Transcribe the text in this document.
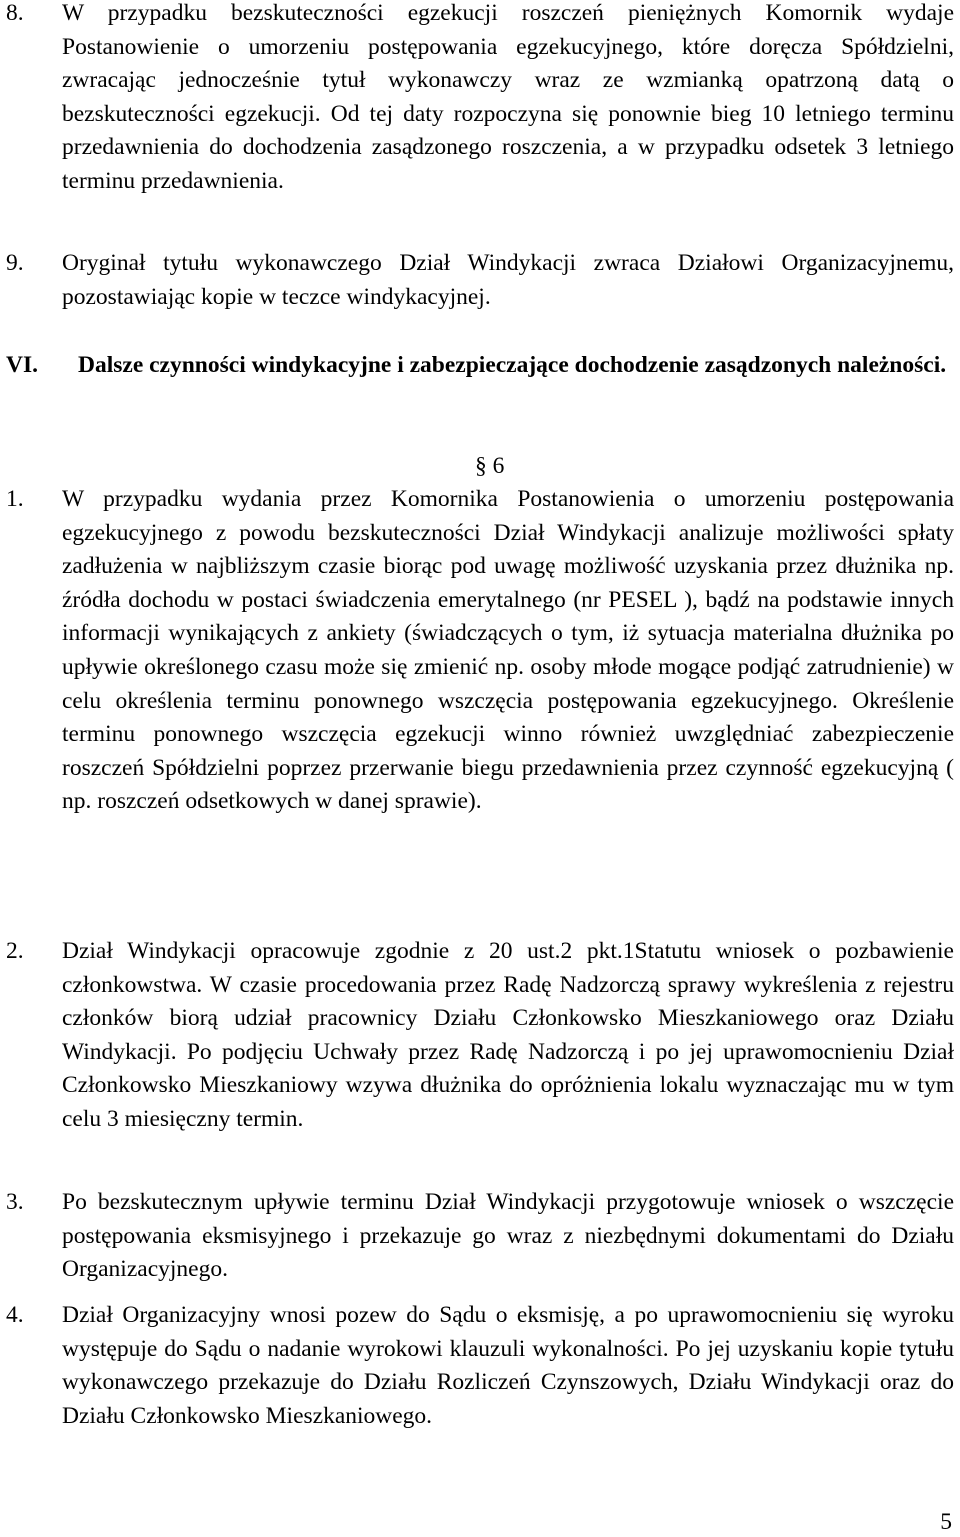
8. W przypadku bezskuteczności egzekucji roszczeń pieniężnych Komornik wydaje Postanowienie o umorzeniu postępowania egzekucyjnego, które doręcza Spółdzielni, zwracając jednocześnie tytuł wykonawczy wraz ze wzmianką opatrzoną datą o bezskuteczności egzekucji. Od tej daty rozpoczyna się ponownie bieg 10 letniego terminu przedawnienia do dochodzenia zasądzonego roszczenia, a w przypadku odsetek 3 letniego terminu przedawnienia.
9. Oryginał tytułu wykonawczego Dział Windykacji zwraca Działowi Organizacyjnemu, pozostawiając kopie w teczce windykacyjnej.
VI. Dalsze czynności windykacyjne i zabezpieczające dochodzenie zasądzonych należności.
§ 6
1. W przypadku wydania przez Komornika Postanowienia o umorzeniu postępowania egzekucyjnego z powodu bezskuteczności Dział Windykacji analizuje możliwości spłaty zadłużenia w najbliższym czasie biorąc pod uwagę możliwość uzyskania przez dłużnika np. źródła dochodu w postaci świadczenia emerytalnego (nr PESEL ), bądź na podstawie innych informacji wynikających z ankiety (świadczących o tym, iż sytuacja materialna dłużnika po upływie określonego czasu może się zmienić np. osoby młode mogące podjąć zatrudnienie) w celu określenia terminu ponownego wszczęcia postępowania egzekucyjnego. Określenie terminu ponownego wszczęcia egzekucji winno również uwzględniać zabezpieczenie roszczeń Spółdzielni poprzez przerwanie biegu przedawnienia przez czynność egzekucyjną ( np. roszczeń odsetkowych w danej sprawie).
2. Dział Windykacji opracowuje zgodnie z 20 ust.2 pkt.1Statutu wniosek o pozbawienie członkowstwa. W czasie procedowania przez Radę Nadzorczą sprawy wykreślenia z rejestru członków biorą udział pracownicy Działu Członkowsko Mieszkaniowego oraz Działu Windykacji. Po podjęciu Uchwały przez Radę Nadzorczą i po jej uprawomocnieniu Dział Członkowsko Mieszkaniowy wzywa dłużnika do opróżnienia lokalu wyznaczając mu w tym celu 3 miesięczny termin.
3. Po bezskutecznym upływie terminu Dział Windykacji przygotowuje wniosek o wszczęcie postępowania eksmisyjnego i przekazuje go wraz z niezbędnymi dokumentami do Działu Organizacyjnego.
4. Dział Organizacyjny wnosi pozew do Sądu o eksmisję, a po uprawomocnieniu się wyroku występuje do Sądu o nadanie wyrokowi klauzuli wykonalności. Po jej uzyskaniu kopie tytułu wykonawczego przekazuje do Działu Rozliczeń Czynszowych, Działu Windykacji oraz do Działu Członkowsko Mieszkaniowego.
5
